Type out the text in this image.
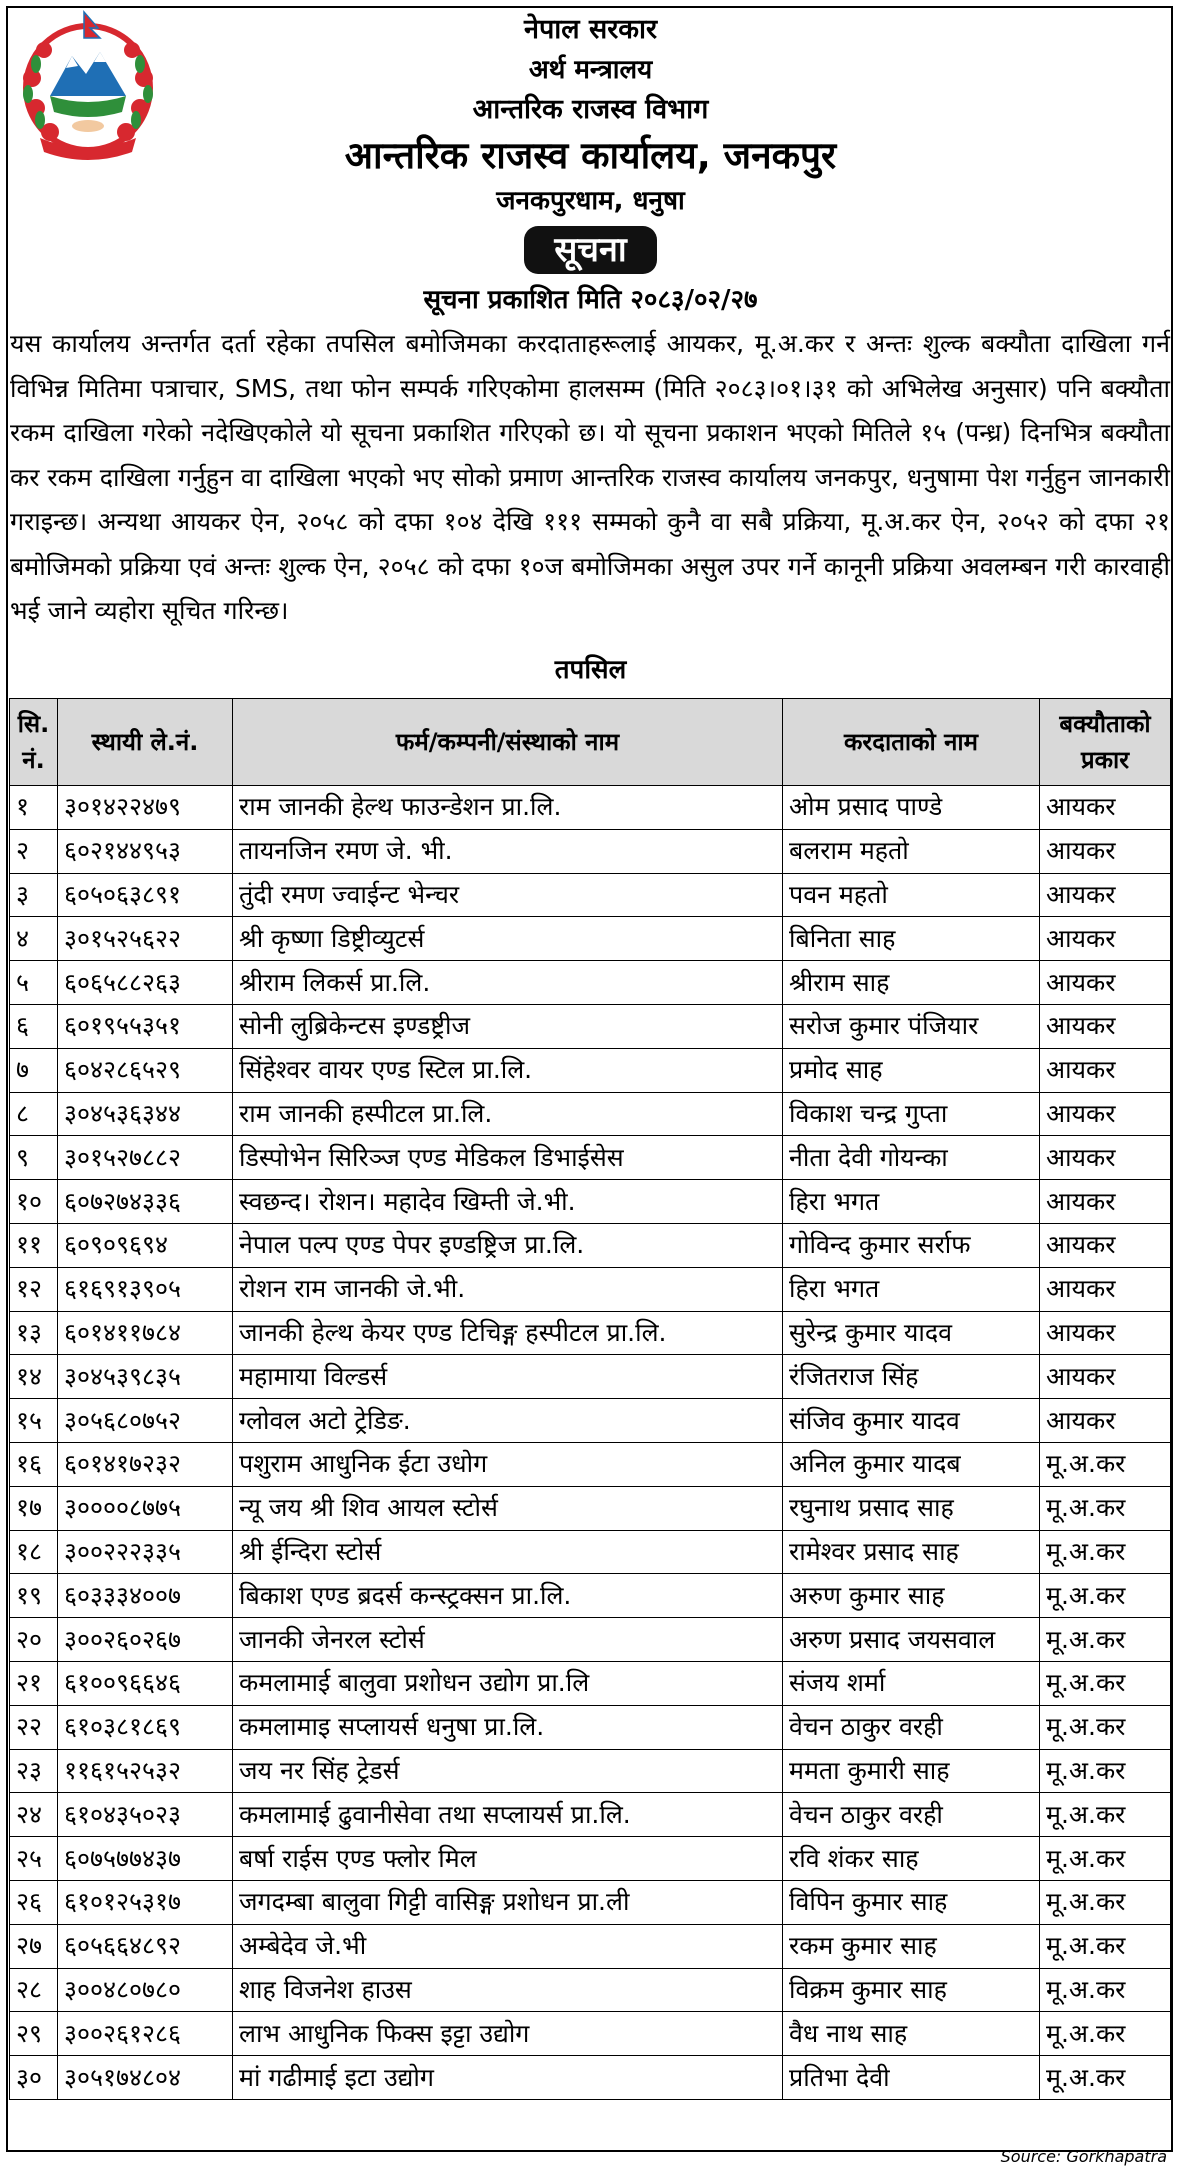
नेपाल सरकार
अर्थ मन्त्रालय
आन्तरिक राजस्व विभाग
आन्तरिक राजस्व कार्यालय, जनकपुर
जनकपुरधाम, धनुषा
सूचना
सूचना प्रकाशित मिति २०८३/०२/२७
यस कार्यालय अन्तर्गत दर्ता रहेका तपसिल बमोजिमका करदाताहरूलाई आयकर, मू.अ.कर र अन्तः शुल्क बक्यौता दाखिला गर्न विभिन्न मितिमा पत्राचार, SMS, तथा फोन सम्पर्क गरिएकोमा हालसम्म (मिति २०८३।०१।३१ को अभिलेख अनुसार) पनि बक्यौता रकम दाखिला गरेको नदेखिएकोले यो सूचना प्रकाशित गरिएको छ। यो सूचना प्रकाशन भएको मितिले १५ (पन्ध्र) दिनभित्र बक्यौता कर रकम दाखिला गर्नुहुन वा दाखिला भएको भए सोको प्रमाण आन्तरिक राजस्व कार्यालय जनकपुर, धनुषामा पेश गर्नुहुन जानकारी गराइन्छ। अन्यथा आयकर ऐन, २०५८ को दफा १०४ देखि १११ सम्मको कुनै वा सबै प्रक्रिया, मू.अ.कर ऐन, २०५२ को दफा २१ बमोजिमको प्रक्रिया एवं अन्तः शुल्क ऐन, २०५८ को दफा १०ज बमोजिमका असुल उपर गर्ने कानूनी प्रक्रिया अवलम्बन गरी कारवाही भई जाने व्यहोरा सूचित गरिन्छ।
तपसिल
सि. नं.	स्थायी ले.नं.	फर्म/कम्पनी/संस्थाको नाम	करदाताको नाम	बक्यौताको प्रकार
१	३०१४२२४७९	राम जानकी हेल्थ फाउन्डेशन प्रा.लि.	ओम प्रसाद पाण्डे	आयकर
२	६०२१४४९५३	तायनजिन रमण जे. भी.	बलराम महतो	आयकर
३	६०५०६३८९१	तुंदी रमण ज्वाईन्ट भेन्चर	पवन महतो	आयकर
४	३०१५२५६२२	श्री कृष्णा डिष्ट्रीव्युटर्स	बिनिता साह	आयकर
५	६०६५८८२६३	श्रीराम लिकर्स प्रा.लि.	श्रीराम साह	आयकर
६	६०१९५५३५१	सोनी लुब्रिकेन्टस इण्डष्ट्रीज	सरोज कुमार पंजियार	आयकर
७	६०४२८६५२९	सिंहेश्वर वायर एण्ड स्टिल प्रा.लि.	प्रमोद साह	आयकर
८	३०४५३६३४४	राम जानकी हस्पीटल प्रा.लि.	विकाश चन्द्र गुप्ता	आयकर
९	३०१५२७८८२	डिस्पोभेन सिरिञ्ज एण्ड मेडिकल डिभाईसेस	नीता देवी गोयन्का	आयकर
१०	६०७२७४३३६	स्वछन्द। रोशन। महादेव खिम्ती जे.भी.	हिरा भगत	आयकर
११	६०९०९६९४	नेपाल पल्प एण्ड पेपर इण्डष्ट्रिज प्रा.लि.	गोविन्द कुमार सर्राफ	आयकर
१२	६१६९१३९०५	रोशन राम जानकी जे.भी.	हिरा भगत	आयकर
१३	६०१४११७८४	जानकी हेल्थ केयर एण्ड टिचिङ्ग हस्पीटल प्रा.लि.	सुरेन्द्र कुमार यादव	आयकर
१४	३०४५३९८३५	महामाया विल्डर्स	रंजितराज सिंह	आयकर
१५	३०५६८०७५२	ग्लोवल अटो ट्रेडिङ.	संजिव कुमार यादव	आयकर
१६	६०१४१७२३२	पशुराम आधुनिक ईटा उधोग	अनिल कुमार यादब	मू.अ.कर
१७	३००००८७७५	न्यू जय श्री शिव आयल स्टोर्स	रघुनाथ प्रसाद साह	मू.अ.कर
१८	३००२२२३३५	श्री ईन्दिरा स्टोर्स	रामेश्वर प्रसाद साह	मू.अ.कर
१९	६०३३३४००७	बिकाश एण्ड ब्रदर्स कन्स्ट्रक्सन प्रा.लि.	अरुण कुमार साह	मू.अ.कर
२०	३००२६०२६७	जानकी जेनरल स्टोर्स	अरुण प्रसाद जयसवाल	मू.अ.कर
२१	६१००९६६४६	कमलामाई बालुवा प्रशोधन उद्योग प्रा.लि	संजय शर्मा	मू.अ.कर
२२	६१०३८१८६९	कमलामाइ सप्लायर्स धनुषा प्रा.लि.	वेचन ठाकुर वरही	मू.अ.कर
२३	११६१५२५३२	जय नर सिंह ट्रेडर्स	ममता कुमारी साह	मू.अ.कर
२४	६१०४३५०२३	कमलामाई ढुवानीसेवा तथा सप्लायर्स प्रा.लि.	वेचन ठाकुर वरही	मू.अ.कर
२५	६०७५७७४३७	बर्षा राईस एण्ड फ्लोर मिल	रवि शंकर साह	मू.अ.कर
२६	६१०१२५३१७	जगदम्बा बालुवा गिट्टी वासिङ्ग प्रशोधन प्रा.ली	विपिन कुमार साह	मू.अ.कर
२७	६०५६६४८९२	अम्बेदेव जे.भी	रकम कुमार साह	मू.अ.कर
२८	३००४८०७८०	शाह विजनेश हाउस	विक्रम कुमार साह	मू.अ.कर
२९	३००२६१२८६	लाभ आधुनिक फिक्स इट्टा उद्योग	वैध नाथ साह	मू.अ.कर
३०	३०५१७४८०४	मां गढीमाई इटा उद्योग	प्रतिभा देवी	मू.अ.कर
Source: Gorkhapatra
